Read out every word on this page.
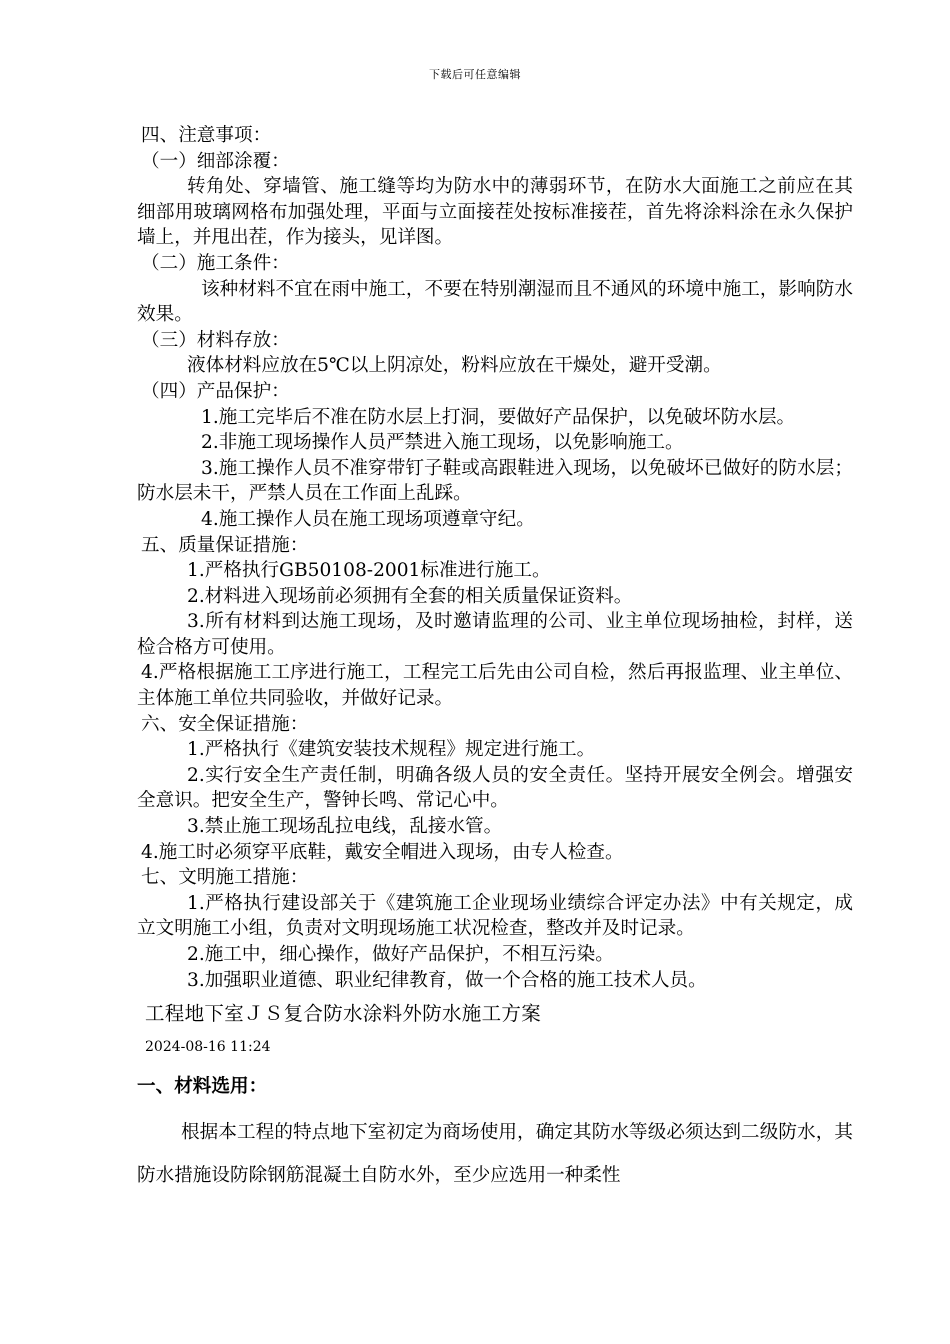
下载后可任意编辑

四、注意事项：

（一）细部涂覆：

转角处、穿墙管、施工缝等均为防水中的薄弱环节，在防水大面施工之前应在其细部用玻璃网格布加强处理，平面与立面接茬处按标准接茬，首先将涂料涂在永久保护墙上，并甩出茬，作为接头，见详图。

（二）施工条件：

该种材料不宜在雨中施工，不要在特别潮湿而且不通风的环境中施工，影响防水效果。

（三）材料存放：

液体材料应放在5℃以上阴凉处，粉料应放在干燥处，避开受潮。

（四）产品保护：

1.施工完毕后不准在防水层上打洞，要做好产品保护，以免破坏防水层。

2.非施工现场操作人员严禁进入施工现场，以免影响施工。

3.施工操作人员不准穿带钉子鞋或高跟鞋进入现场，以免破坏已做好的防水层；防水层未干，严禁人员在工作面上乱踩。

4.施工操作人员在施工现场项遵章守纪。

五、质量保证措施：

1.严格执行GB50108-2001标准进行施工。

2.材料进入现场前必须拥有全套的相关质量保证资料。

3.所有材料到达施工现场，及时邀请监理的公司、业主单位现场抽检，封样，送检合格方可使用。

4.严格根据施工工序进行施工，工程完工后先由公司自检，然后再报监理、业主单位、主体施工单位共同验收，并做好记录。

六、安全保证措施：

1.严格执行《建筑安装技术规程》规定进行施工。

2.实行安全生产责任制，明确各级人员的安全责任。坚持开展安全例会。增强安全意识。把安全生产，警钟长鸣、常记心中。

3.禁止施工现场乱拉电线，乱接水管。

4.施工时必须穿平底鞋，戴安全帽进入现场，由专人检查。

七、文明施工措施：

1.严格执行建设部关于《建筑施工企业现场业绩综合评定办法》中有关规定，成立文明施工小组，负责对文明现场施工状况检查，整改并及时记录。

2.施工中，细心操作，做好产品保护，不相互污染。

3.加强职业道德、职业纪律教育，做一个合格的施工技术人员。

工程地下室ＪＳ复合防水涂料外防水施工方案
2024-08-16 11:24
一、材料选用：

根据本工程的特点地下室初定为商场使用，确定其防水等级必须达到二级防水，其防水措施设防除钢筋混凝土自防水外，至少应选用一种柔性
